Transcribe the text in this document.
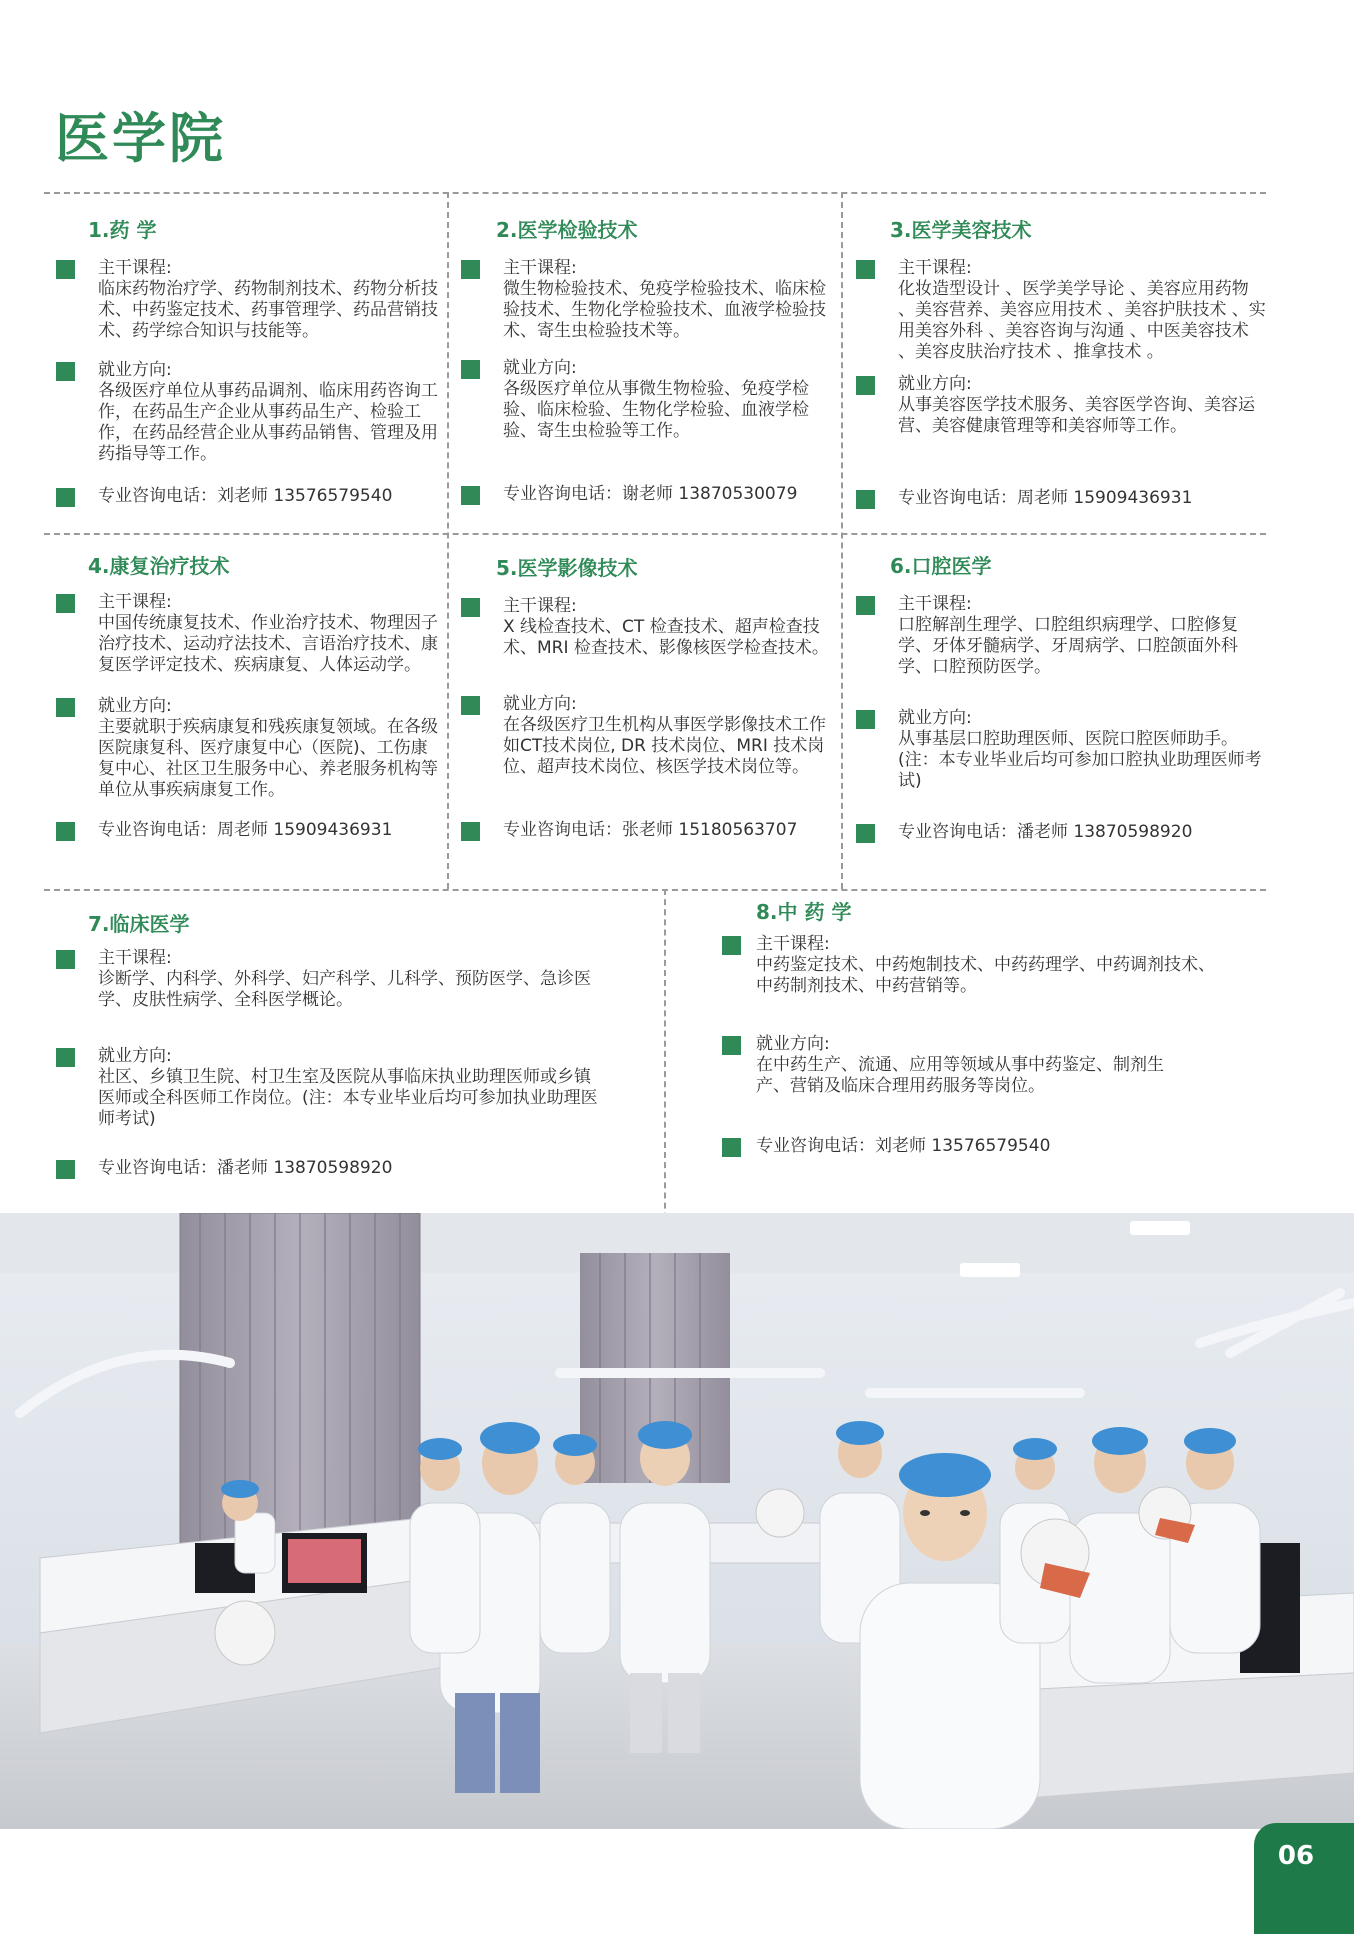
医学院
1.药 学
主干课程:
临床药物治疗学、药物制剂技术、药物分析技术、中药鉴定技术、药事管理学、药品营销技术、药学综合知识与技能等。
就业方向:
各级医疗单位从事药品调剂、临床用药咨询工作，在药品生产企业从事药品生产、检验工作，在药品经营企业从事药品销售、管理及用药指导等工作。
专业咨询电话：刘老师 13576579540
2.医学检验技术
主干课程:
微生物检验技术、免疫学检验技术、临床检验技术、生物化学检验技术、血液学检验技术、寄生虫检验技术等。
就业方向:
各级医疗单位从事微生物检验、免疫学检验、临床检验、生物化学检验、血液学检验、寄生虫检验等工作。
专业咨询电话：谢老师 13870530079
3.医学美容技术
主干课程:
化妆造型设计 、医学美学导论 、美容应用药物 、美容营养、美容应用技术 、美容护肤技术 、实用美容外科 、美容咨询与沟通 、中医美容技术 、美容皮肤治疗技术 、推拿技术 。
就业方向:
从事美容医学技术服务、美容医学咨询、美容运营、美容健康管理等和美容师等工作。
专业咨询电话：周老师 15909436931
4.康复治疗技术
主干课程:
中国传统康复技术、作业治疗技术、物理因子治疗技术、运动疗法技术、言语治疗技术、康复医学评定技术、疾病康复、人体运动学。
就业方向:
主要就职于疾病康复和残疾康复领域。在各级医院康复科、医疗康复中心（医院)、工伤康复中心、社区卫生服务中心、养老服务机构等单位从事疾病康复工作。
专业咨询电话：周老师 15909436931
5.医学影像技术
主干课程:
X 线检查技术、CT 检查技术、超声检查技术、MRI 检查技术、影像核医学检查技术。
就业方向:
在各级医疗卫生机构从事医学影像技术工作 如CT技术岗位, DR 技术岗位、MRI 技术岗位、超声技术岗位、核医学技术岗位等。
专业咨询电话：张老师 15180563707
6.口腔医学
主干课程:
口腔解剖生理学、口腔组织病理学、口腔修复学、牙体牙髓病学、牙周病学、口腔颌面外科学、口腔预防医学。
就业方向:
从事基层口腔助理医师、医院口腔医师助手。(注：本专业毕业后均可参加口腔执业助理医师考试)
专业咨询电话：潘老师 13870598920
7.临床医学
主干课程:
诊断学、内科学、外科学、妇产科学、儿科学、预防医学、急诊医学、皮肤性病学、全科医学概论。
就业方向:
社区、乡镇卫生院、村卫生室及医院从事临床执业助理医师或乡镇医师或全科医师工作岗位。(注：本专业毕业后均可参加执业助理医师考试)
专业咨询电话：潘老师 13870598920
8.中 药 学
主干课程:
中药鉴定技术、中药炮制技术、中药药理学、中药调剂技术、中药制剂技术、中药营销等。
就业方向:
在中药生产、流通、应用等领域从事中药鉴定、制剂生产、营销及临床合理用药服务等岗位。
专业咨询电话：刘老师 13576579540
06
